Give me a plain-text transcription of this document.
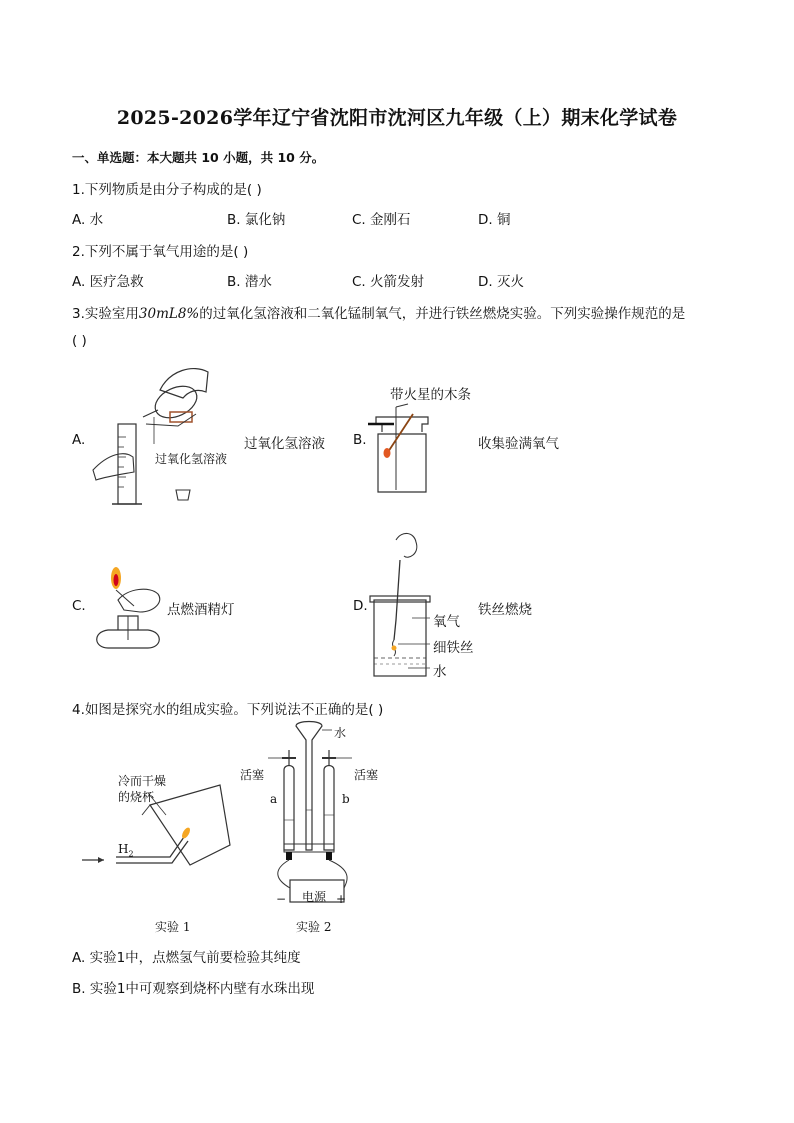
2025-2026学年辽宁省沈阳市沈河区九年级（上）期末化学试卷
一、单选题：本大题共 10 小题，共 10 分。
1.下列物质是由分子构成的是( )
A. 水	B. 氯化钠	C. 金刚石	D. 铜
2.下列不属于氧气用途的是( )
A. 医疗急救	B. 潜水	C. 火箭发射	D. 灭火
3.实验室用30mL8%的过氧化氢溶液和二氧化锰制氧气，并进行铁丝燃烧实验。下列实验操作规范的是
( )
A.
过氧化氢溶液
过氧化氢溶液
带火星的木条
B.	收集验满氧气
C.	点燃酒精灯	D.
氧气
细铁丝
水
铁丝燃烧
4.如图是探究水的组成实验。下列说法不正确的是( )
冷而干燥
的烧杯
$H_2$
实验 1
水
活塞	活塞
a	b
电源
−	+
实验 2
A. 实验1中，点燃氢气前要检验其纯度
B. 实验1中可观察到烧杯内壁有水珠出现
